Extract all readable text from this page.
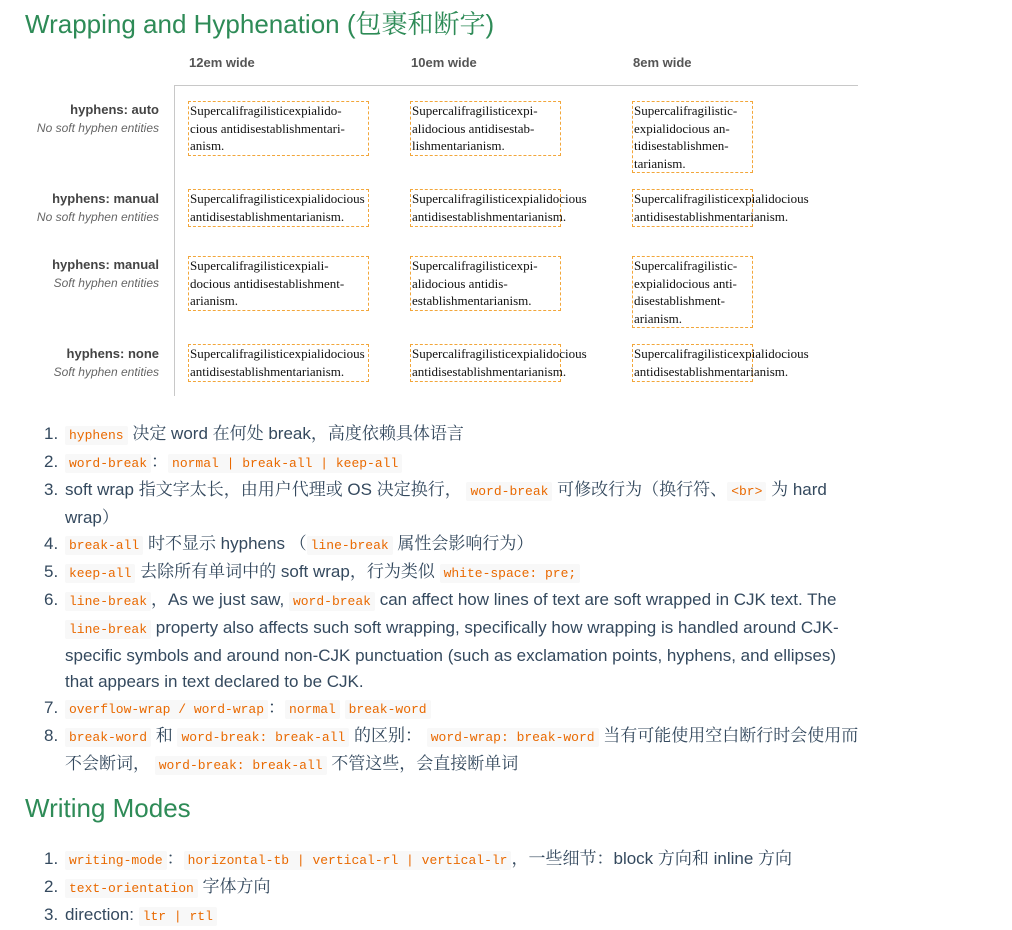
Wrapping and Hyphenation (包裹和断字)
12em wide	10em wide	8em wide
hyphens: auto
No soft hyphen entities
hyphens: manual
No soft hyphen entities
hyphens: manual
Soft hyphen entities
hyphens: none
Soft hyphen entities
Supercalifragilisticexpialido-
cious antidisestablishmentari-
anism.
Supercalifragilisticexpi-
alidocious antidisestab-
lishmentarianism.
Supercalifragilistic-
expialidocious an-
tidisestablishmen-
tarianism.
Supercalifragilisticexpialidocious
antidisestablishmentarianism.
Supercalifragilisticexpialidocious
antidisestablishmentarianism.
Supercalifragilisticexpialidocious
antidisestablishmentarianism.
Supercalifragilisticexpiali-
docious antidisestablishment-
arianism.
Supercalifragilisticexpi-
alidocious antidis-
establishmentarianism.
Supercalifragilistic-
expialidocious anti-
disestablishment-
arianism.
Supercalifragilisticexpialidocious
antidisestablishmentarianism.
Supercalifragilisticexpialidocious
antidisestablishmentarianism.
Supercalifragilisticexpialidocious
antidisestablishmentarianism.
1. hyphens 决定 word 在何处 break，高度依赖具体语言
2. word-break ： normal | break-all | keep-all
3. soft wrap 指文字太长，由用户代理或 OS 决定换行， word-break 可修改行为（换行符、 <br> 为 hard wrap）
4. break-all 时不显示 hyphens （ line-break 属性会影响行为）
5. keep-all 去除所有单词中的 soft wrap，行为类似 white-space: pre;
6. line-break ，As we just saw, word-break can affect how lines of text are soft wrapped in CJK text. The line-break property also affects such soft wrapping, specifically how wrapping is handled around CJK-specific symbols and around non-CJK punctuation (such as exclamation points, hyphens, and ellipses) that appears in text declared to be CJK.
7. overflow-wrap / word-wrap ： normal break-word
8. break-word 和 word-break: break-all 的区别： word-wrap: break-word 当有可能使用空白断行时会使用而不会断词， word-break: break-all 不管这些，会直接断单词
Writing Modes
1. writing-mode ： horizontal-tb | vertical-rl | vertical-lr ，一些细节：block 方向和 inline 方向
2. text-orientation 字体方向
3. direction: ltr | rtl
